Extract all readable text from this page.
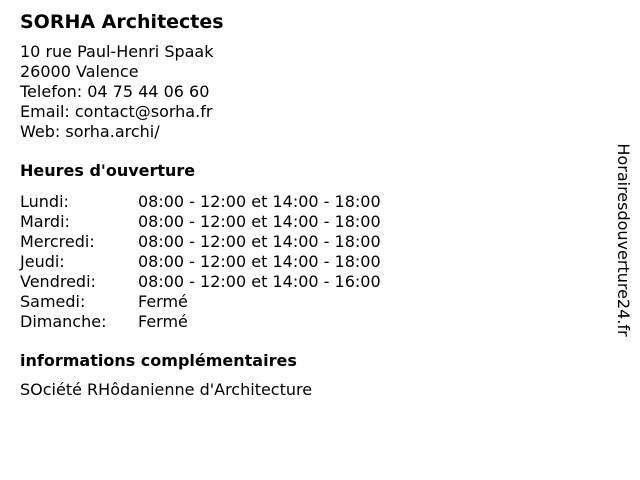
SORHA Architectes
10 rue Paul-Henri Spaak
26000 Valence
Telefon: 04 75 44 06 60
Email: contact@sorha.fr
Web: sorha.archi/
Heures d'ouverture
Lundi:	08:00 - 12:00 et 14:00 - 18:00
Mardi:	08:00 - 12:00 et 14:00 - 18:00
Mercredi:	08:00 - 12:00 et 14:00 - 18:00
Jeudi:	08:00 - 12:00 et 14:00 - 18:00
Vendredi:	08:00 - 12:00 et 14:00 - 16:00
Samedi:	Fermé
Dimanche:	Fermé
informations complémentaires
SOciété RHôdanienne d'Architecture
Horairesdouverture24.fr
